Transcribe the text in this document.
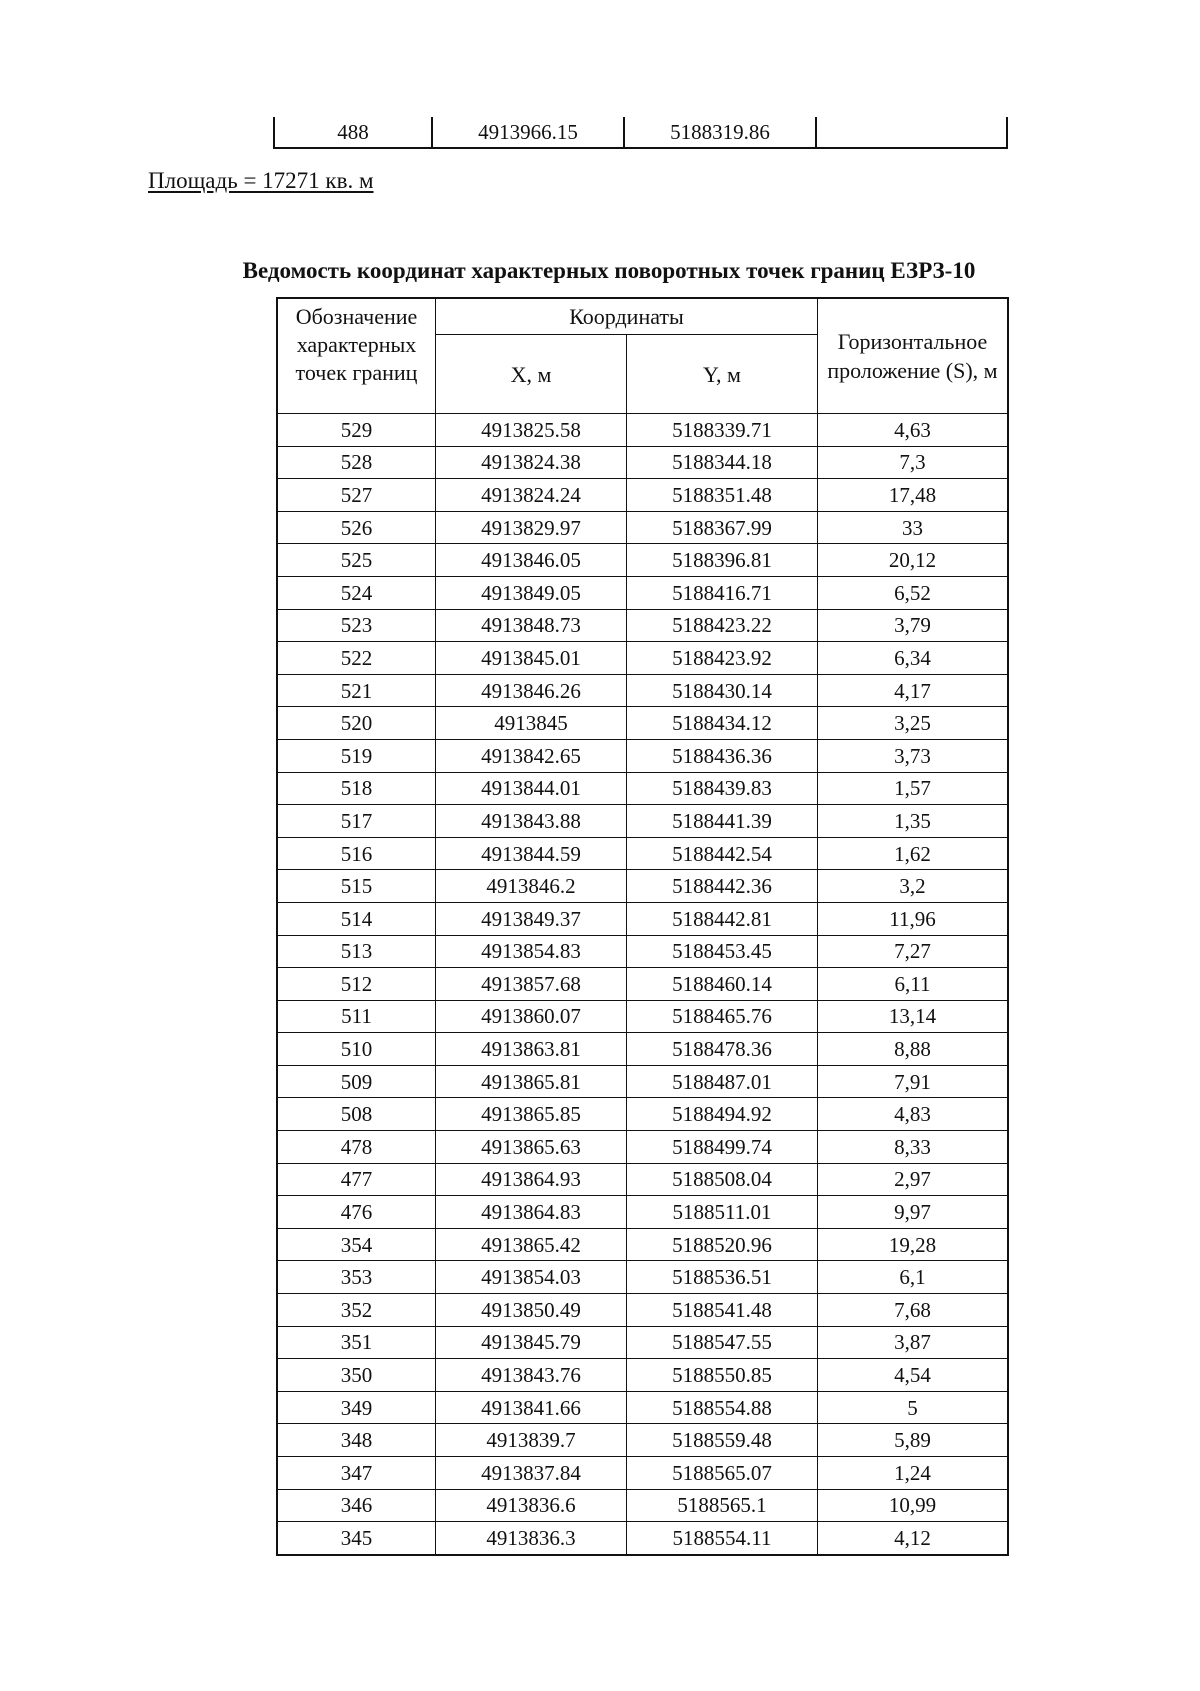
488	4913966.15	5188319.86	
Площадь = 17271 кв. м
Ведомость координат характерных поворотных точек границ ЕЗРЗ-10
Обозначение характерных точек границ	Координаты		Горизонтальное проложение (S), м
	X, м	Y, м	
529	4913825.58	5188339.71	4,63
528	4913824.38	5188344.18	7,3
527	4913824.24	5188351.48	17,48
526	4913829.97	5188367.99	33
525	4913846.05	5188396.81	20,12
524	4913849.05	5188416.71	6,52
523	4913848.73	5188423.22	3,79
522	4913845.01	5188423.92	6,34
521	4913846.26	5188430.14	4,17
520	4913845	5188434.12	3,25
519	4913842.65	5188436.36	3,73
518	4913844.01	5188439.83	1,57
517	4913843.88	5188441.39	1,35
516	4913844.59	5188442.54	1,62
515	4913846.2	5188442.36	3,2
514	4913849.37	5188442.81	11,96
513	4913854.83	5188453.45	7,27
512	4913857.68	5188460.14	6,11
511	4913860.07	5188465.76	13,14
510	4913863.81	5188478.36	8,88
509	4913865.81	5188487.01	7,91
508	4913865.85	5188494.92	4,83
478	4913865.63	5188499.74	8,33
477	4913864.93	5188508.04	2,97
476	4913864.83	5188511.01	9,97
354	4913865.42	5188520.96	19,28
353	4913854.03	5188536.51	6,1
352	4913850.49	5188541.48	7,68
351	4913845.79	5188547.55	3,87
350	4913843.76	5188550.85	4,54
349	4913841.66	5188554.88	5
348	4913839.7	5188559.48	5,89
347	4913837.84	5188565.07	1,24
346	4913836.6	5188565.1	10,99
345	4913836.3	5188554.11	4,12
